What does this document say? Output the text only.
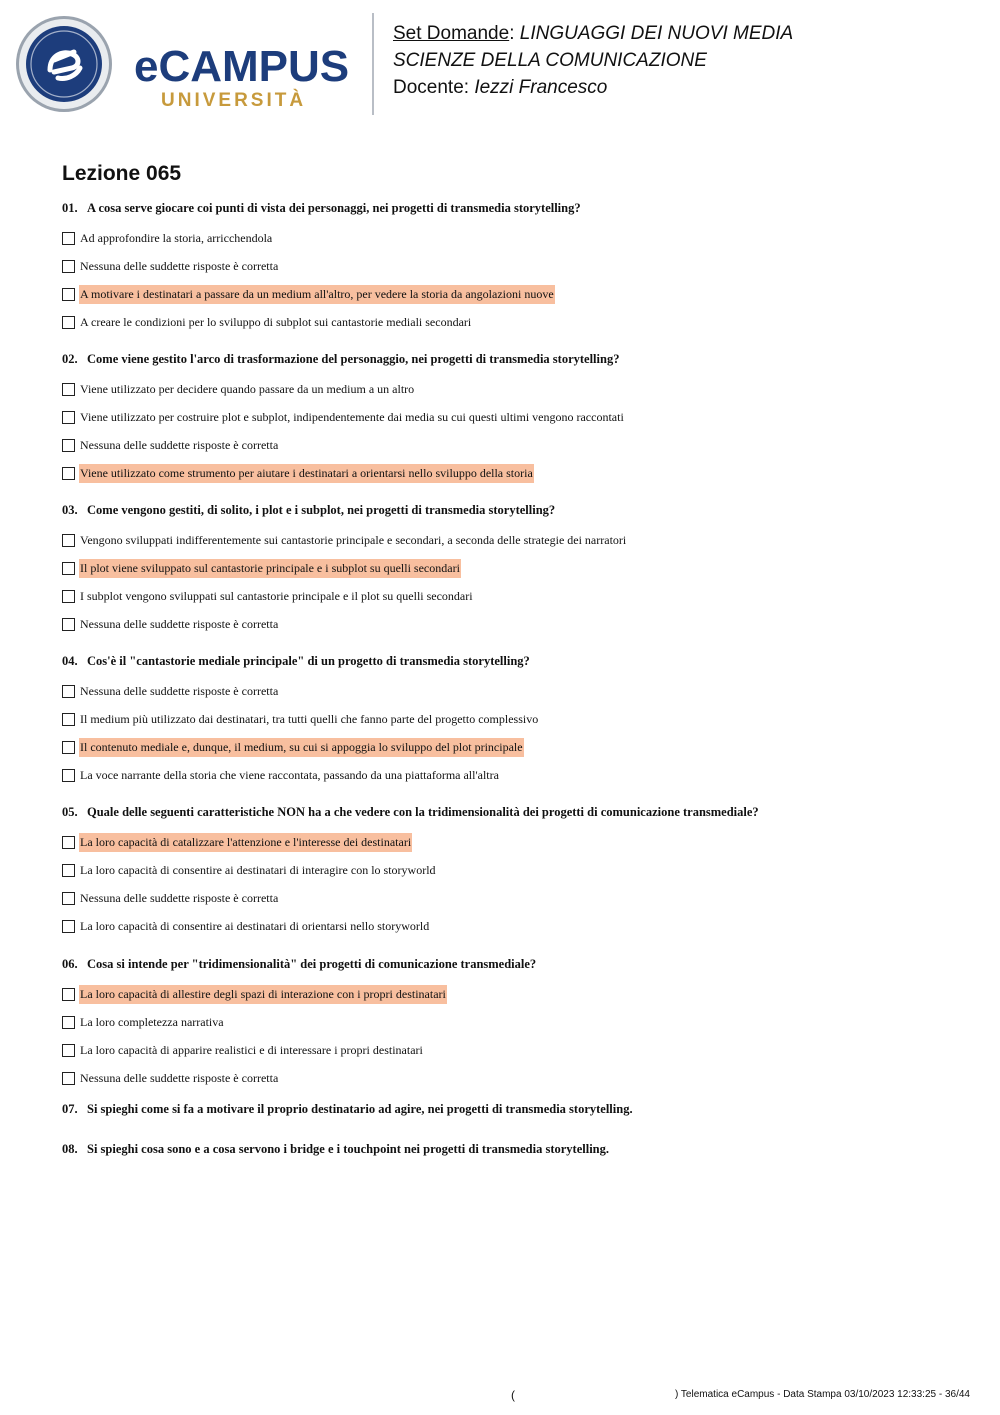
eCAMPUS
UNIVERSITÀ
Set Domande: LINGUAGGI DEI NUOVI MEDIA
SCIENZE DELLA COMUNICAZIONE
Docente: Iezzi Francesco
Lezione 065
01. A cosa serve giocare coi punti di vista dei personaggi, nei progetti di transmedia storytelling?
Ad approfondire la storia, arricchendola
Nessuna delle suddette risposte è corretta
A motivare i destinatari a passare da un medium all'altro, per vedere la storia da angolazioni nuove
A creare le condizioni per lo sviluppo di subplot sui cantastorie mediali secondari
02. Come viene gestito l'arco di trasformazione del personaggio, nei progetti di transmedia storytelling?
Viene utilizzato per decidere quando passare da un medium a un altro
Viene utilizzato per costruire plot e subplot, indipendentemente dai media su cui questi ultimi vengono raccontati
Nessuna delle suddette risposte è corretta
Viene utilizzato come strumento per aiutare i destinatari a orientarsi nello sviluppo della storia
03. Come vengono gestiti, di solito, i plot e i subplot, nei progetti di transmedia storytelling?
Vengono sviluppati indifferentemente sui cantastorie principale e secondari, a seconda delle strategie dei narratori
Il plot viene sviluppato sul cantastorie principale e i subplot su quelli secondari
I subplot vengono sviluppati sul cantastorie principale e il plot su quelli secondari
Nessuna delle suddette risposte è corretta
04. Cos'è il "cantastorie mediale principale" di un progetto di transmedia storytelling?
Nessuna delle suddette risposte è corretta
Il medium più utilizzato dai destinatari, tra tutti quelli che fanno parte del progetto complessivo
Il contenuto mediale e, dunque, il medium, su cui si appoggia lo sviluppo del plot principale
La voce narrante della storia che viene raccontata, passando da una piattaforma all'altra
05. Quale delle seguenti caratteristiche NON ha a che vedere con la tridimensionalità dei progetti di comunicazione transmediale?
La loro capacità di catalizzare l'attenzione e l'interesse dei destinatari
La loro capacità di consentire ai destinatari di interagire con lo storyworld
Nessuna delle suddette risposte è corretta
La loro capacità di consentire ai destinatari di orientarsi nello storyworld
06. Cosa si intende per "tridimensionalità" dei progetti di comunicazione transmediale?
La loro capacità di allestire degli spazi di interazione con i propri destinatari
La loro completezza narrativa
La loro capacità di apparire realistici e di interessare i propri destinatari
Nessuna delle suddette risposte è corretta
07. Si spieghi come si fa a motivare il proprio destinatario ad agire, nei progetti di transmedia storytelling.
08. Si spieghi cosa sono e a cosa servono i bridge e i touchpoint nei progetti di transmedia storytelling.
(	) Telematica eCampus - Data Stampa 03/10/2023 12:33:25 - 36/44
